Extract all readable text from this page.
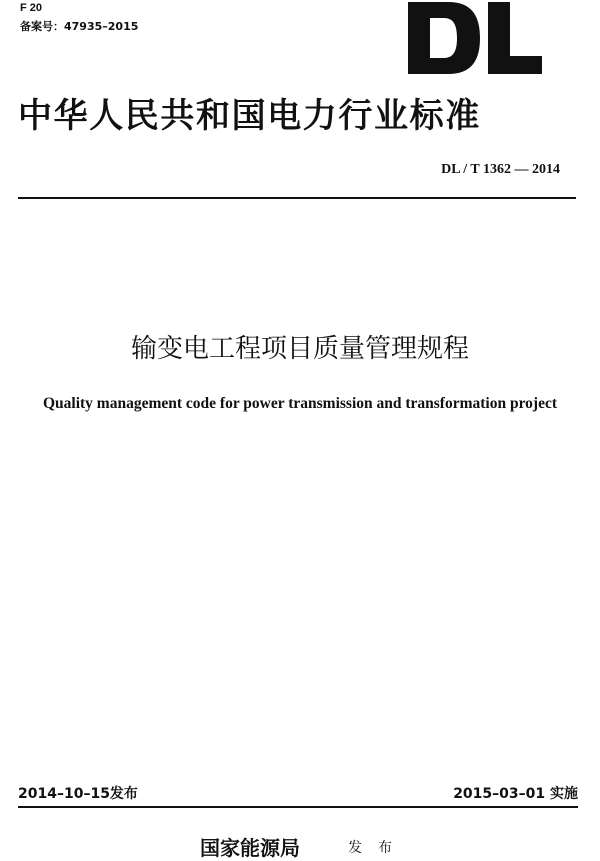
F 20
备案号：47935–2015
中华人民共和国电力行业标准
DL / T 1362 — 2014
输变电工程项目质量管理规程
Quality management code for power transmission and transformation project
2014–10–15发布	2015–03–01 实施
国家能源局	发布
